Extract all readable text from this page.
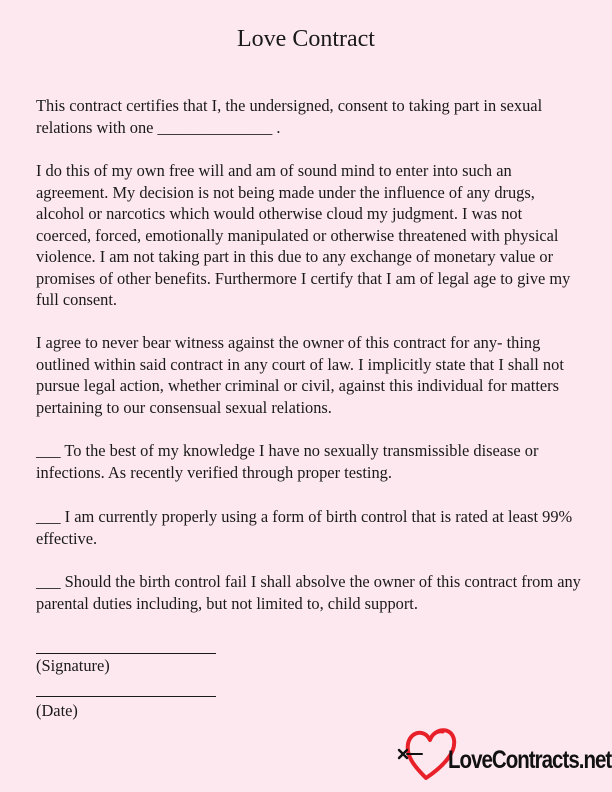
Love Contract

This contract certifies that I, the undersigned, consent to taking part in sexual relations with one ______________ .

I do this of my own free will and am of sound mind to enter into such an agreement. My decision is not being made under the influence of any drugs, alcohol or narcotics which would otherwise cloud my judgment. I was not coerced, forced, emotionally manipulated or otherwise threatened with physical violence. I am not taking part in this due to any exchange of monetary value or promises of other benefits. Furthermore I certify that I am of legal age to give my full consent.

I agree to never bear witness against the owner of this contract for any- thing outlined within said contract in any court of law. I implicitly state that I shall not pursue legal action, whether criminal or civil, against this individual for matters pertaining to our consensual sexual relations.

___ To the best of my knowledge I have no sexually transmissible disease or infections. As recently verified through proper testing.

___ I am currently properly using a form of birth control that is rated at least 99% effective.

___ Should the birth control fail I shall absolve the owner of this contract from any parental duties including, but not limited to, child support.

(Signature)
(Date)
LoveContracts.net
